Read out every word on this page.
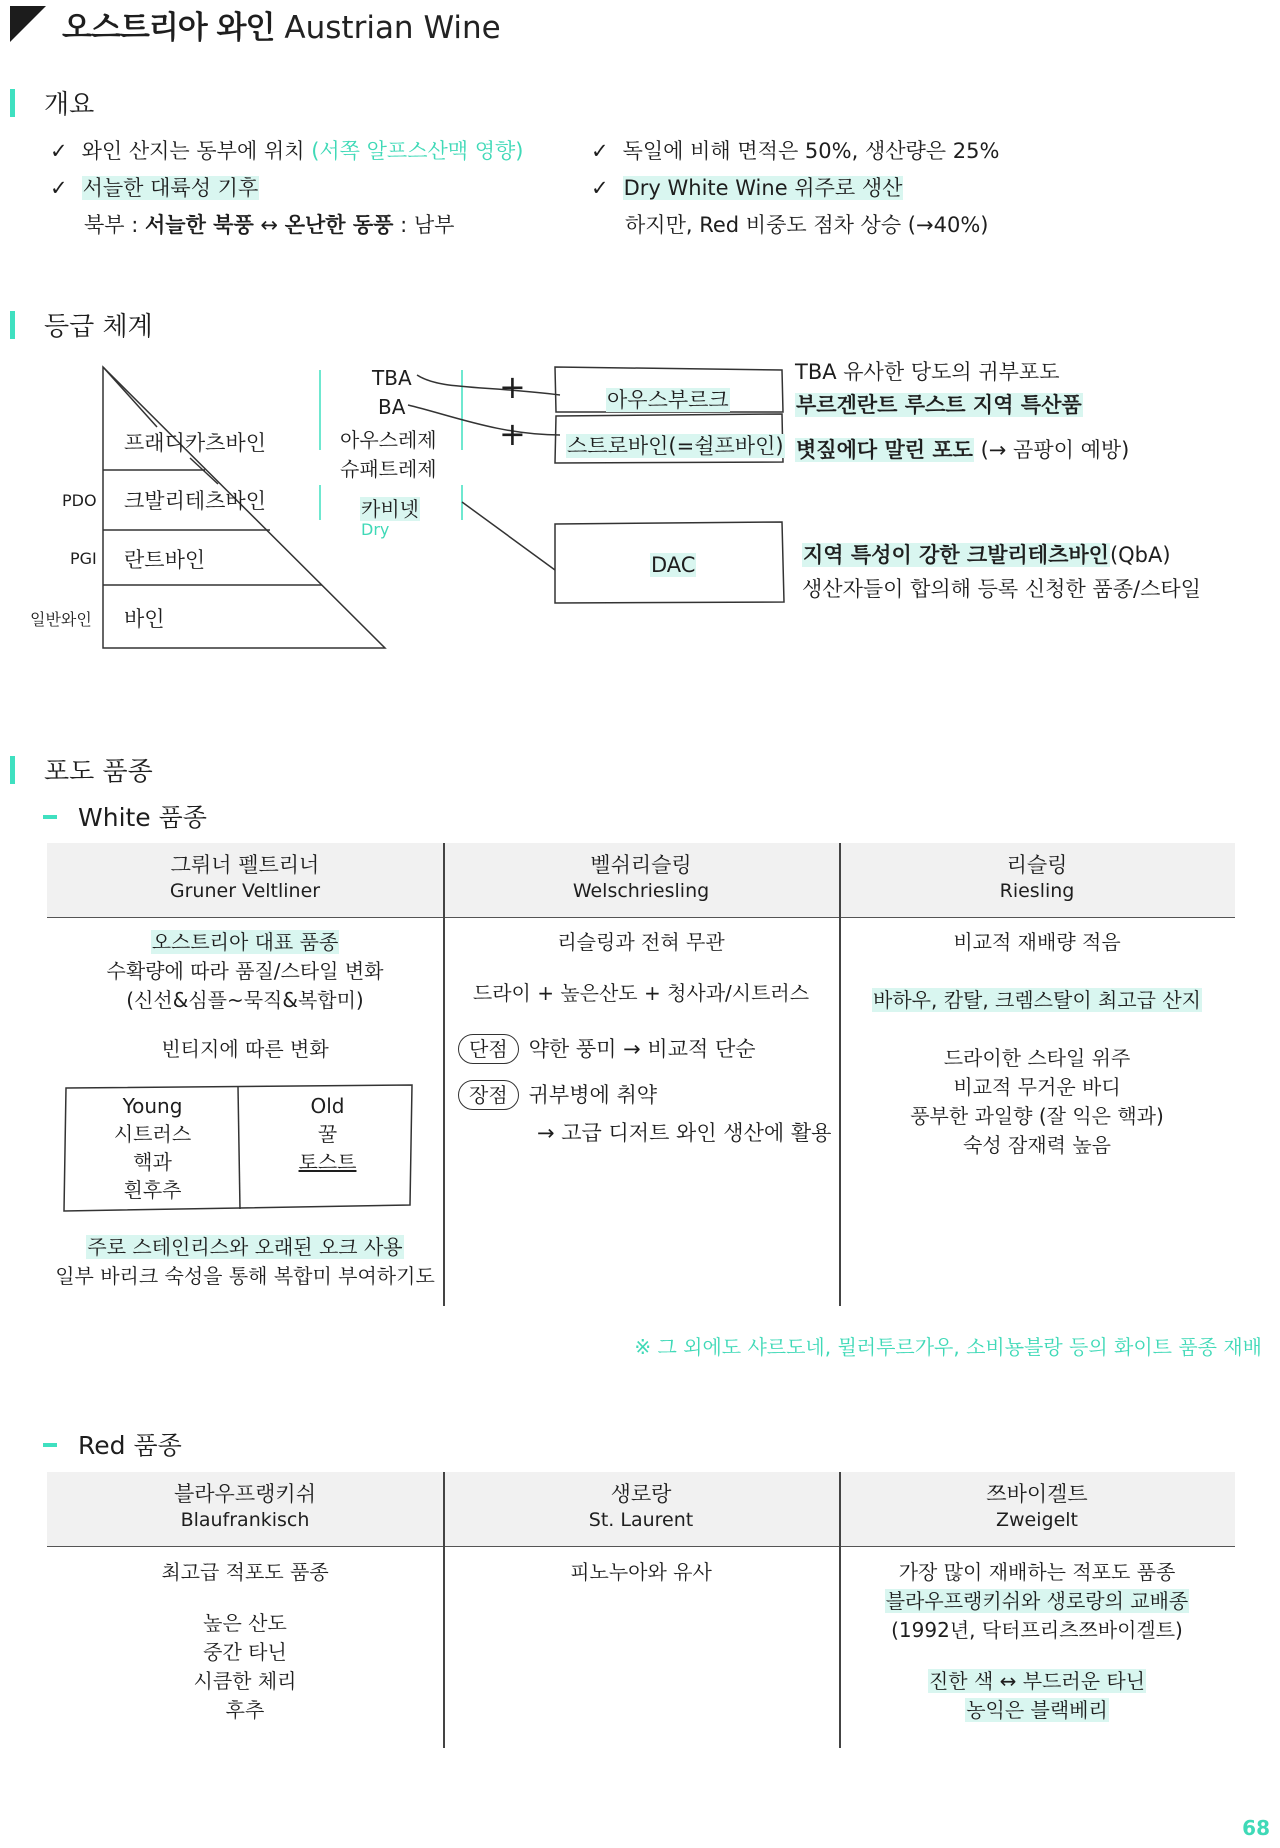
오스트리아 와인 Austrian Wine
개요
✓ 와인 산지는 동부에 위치 (서쪽 알프스산맥 영향)
✓ 서늘한 대륙성 기후
북부 : 서늘한 북풍 ↔ 온난한 동풍 : 남부
✓ 독일에 비해 면적은 50%, 생산량은 25%
✓ Dry White Wine 위주로 생산
하지만, Red 비중도 점차 상승 (→40%)
등급 체계
프래디카츠바인
크발리테츠바인
란트바인
바인
PDO
PGI
일반와인
TBA
BA
아우스레제
슈패트레제
카비넷
Dry
+
+
아우스부르크
스트로바인(=쉴프바인)
DAC
TBA 유사한 당도의 귀부포도
부르겐란트 루스트 지역 특산품
볏짚에다 말린 포도 (→ 곰팡이 예방)
지역 특성이 강한 크발리테츠바인(QbA)
생산자들이 합의해 등록 신청한 품종/스타일
포도 품종
White 품종
그뤼너 펠트리너
Gruner Veltliner
벨쉬리슬링
Welschriesling
리슬링
Riesling
오스트리아 대표 품종
수확량에 따라 품질/스타일 변화
(신선&심플~묵직&복합미)
빈티지에 따른 변화
Young
시트러스
핵과
흰후추
Old
꿀
토스트
주로 스테인리스와 오래된 오크 사용
일부 바리크 숙성을 통해 복합미 부여하기도
리슬링과 전혀 무관
드라이 + 높은산도 + 청사과/시트러스
단점 약한 풍미 → 비교적 단순
장점 귀부병에 취약
→ 고급 디저트 와인 생산에 활용
비교적 재배량 적음
바하우, 캄탈, 크렘스탈이 최고급 산지
드라이한 스타일 위주
비교적 무거운 바디
풍부한 과일향 (잘 익은 핵과)
숙성 잠재력 높음
※ 그 외에도 샤르도네, 뮐러투르가우, 소비뇽블랑 등의 화이트 품종 재배
Red 품종
블라우프랭키쉬
Blaufrankisch
생로랑
St. Laurent
쯔바이겔트
Zweigelt
최고급 적포도 품종
높은 산도
중간 타닌
시큼한 체리
후추
피노누아와 유사	가장 많이 재배하는 적포도 품종
블라우프랭키쉬와 생로랑의 교배종
(1992년, 닥터프리츠쯔바이겔트)
진한 색 ↔ 부드러운 타닌
농익은 블랙베리
68
